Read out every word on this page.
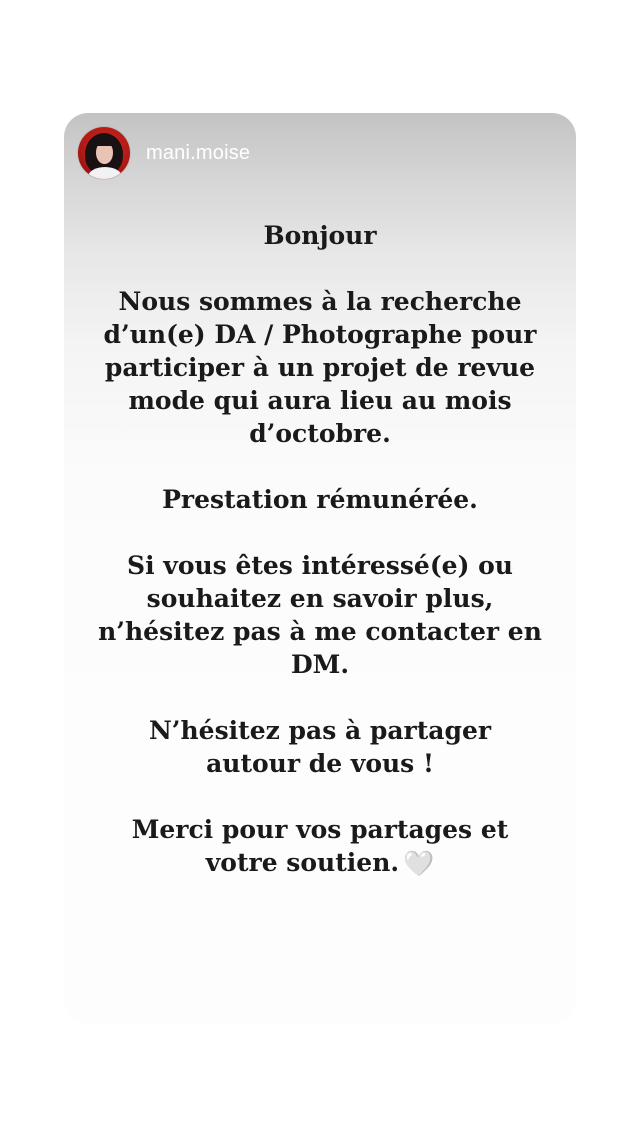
mani.moise

Bonjour

Nous sommes à la recherche

d’un(e) DA / Photographe pour

participer à un projet de revue

mode qui aura lieu au mois

d’octobre.

Prestation rémunérée.

Si vous êtes intéressé(e) ou

souhaitez en savoir plus,

n’hésitez pas à me contacter en

DM.

N’hésitez pas à partager

autour de vous !

Merci pour vos partages et

votre soutien. 🤍
